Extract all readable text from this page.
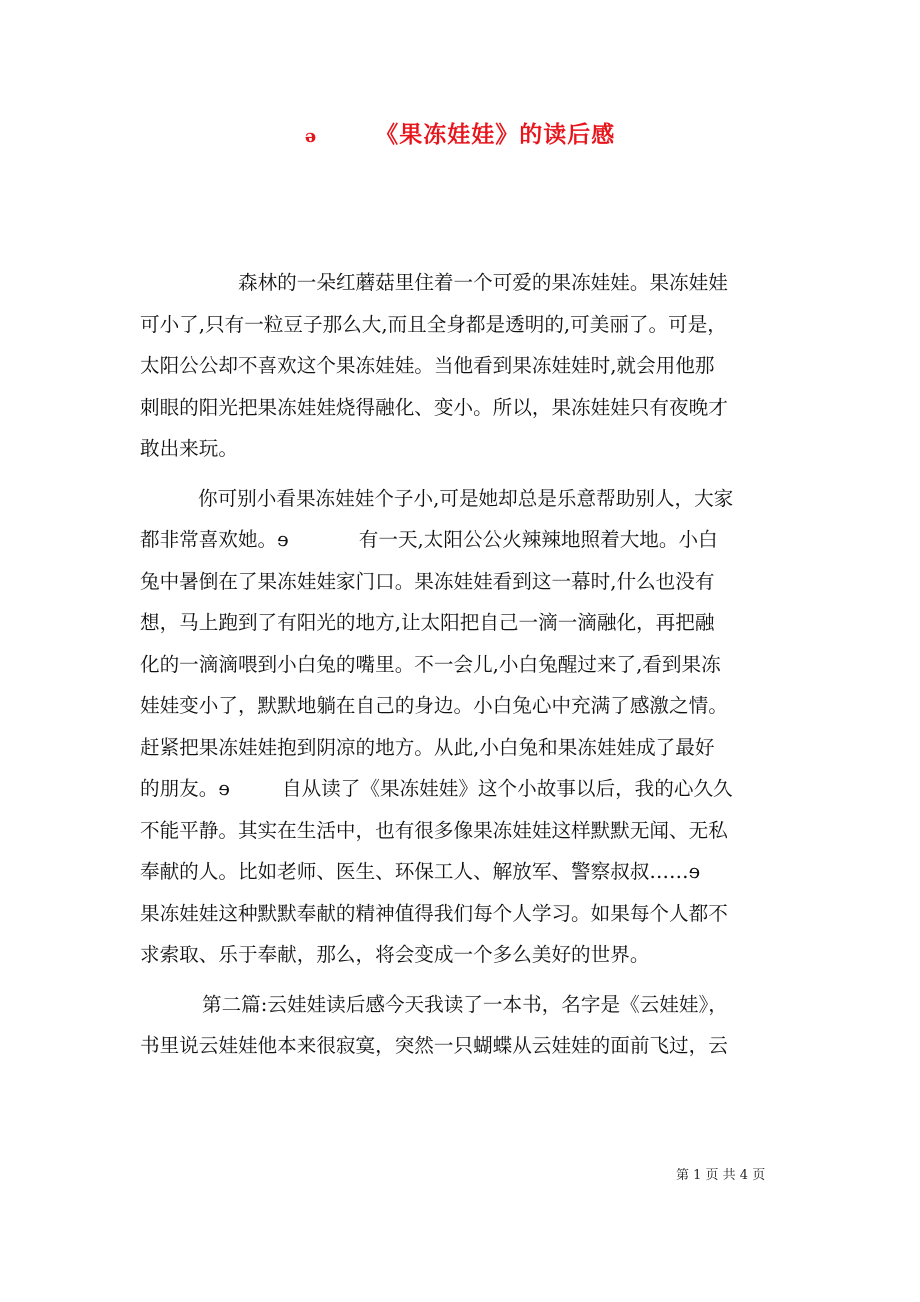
ə	《果冻娃娃》的读后感
森林的一朵红蘑菇里住着一个可爱的果冻娃娃。果冻娃娃
可小了,只有一粒豆子那么大,而且全身都是透明的,可美丽了。可是，
太阳公公却不喜欢这个果冻娃娃。当他看到果冻娃娃时,就会用他那
刺眼的阳光把果冻娃娃烧得融化、变小。所以，果冻娃娃只有夜晚才
敢出来玩。
你可别小看果冻娃娃个子小,可是她却总是乐意帮助别人，大家
都非常喜欢她。ɘ	有一天,太阳公公火辣辣地照着大地。小白
兔中暑倒在了果冻娃娃家门口。果冻娃娃看到这一幕时,什么也没有
想，马上跑到了有阳光的地方,让太阳把自己一滴一滴融化，再把融
化的一滴滴喂到小白兔的嘴里。不一会儿,小白兔醒过来了,看到果冻
娃娃变小了，默默地躺在自己的身边。小白兔心中充满了感激之情。
赶紧把果冻娃娃抱到阴凉的地方。从此,小白兔和果冻娃娃成了最好
的朋友。ɘ	自从读了《果冻娃娃》这个小故事以后，我的心久久
不能平静。其实在生活中，也有很多像果冻娃娃这样默默无闻、无私
奉献的人。比如老师、医生、环保工人、解放军、警察叔叔……ɘ
果冻娃娃这种默默奉献的精神值得我们每个人学习。如果每个人都不
求索取、乐于奉献，那么，将会变成一个多么美好的世界。
第二篇:云娃娃读后感今天我读了一本书，名字是《云娃娃》，
书里说云娃娃他本来很寂寞，突然一只蝴蝶从云娃娃的面前飞过，云
第 1 页 共 4 页
